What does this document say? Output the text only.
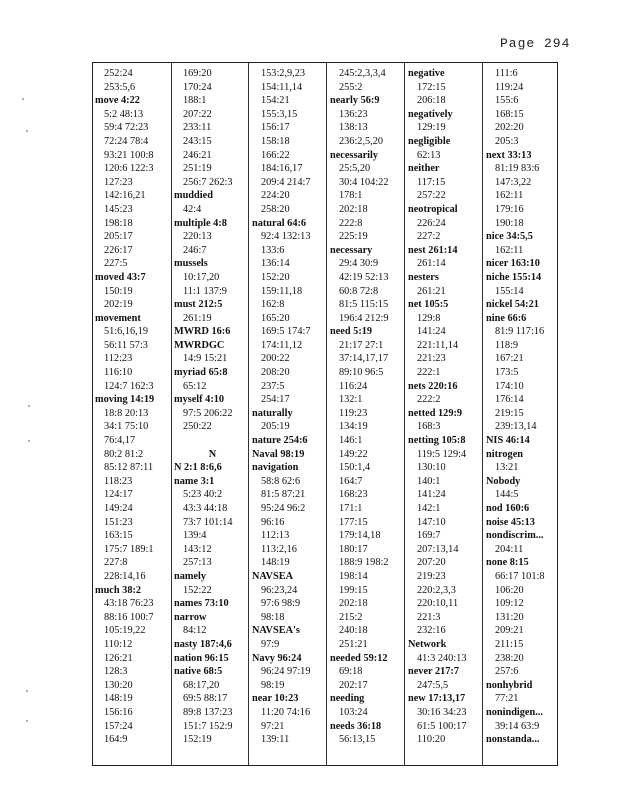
Page 294
252:24
253:5,6
move 4:22
5:2 48:13
59:4 72:23
72:24 78:4
93:21 100:8
120:6 122:3
127:23
142:16,21
145:23
198:18
205:17
226:17
227:5
moved 43:7
150:19
202:19
movement
51:6,16,19
56:11 57:3
112:23
116:10
124:7 162:3
moving 14:19
18:8 20:13
34:1 75:10
76:4,17
80:2 81:2
85:12 87:11
118:23
124:17
149:24
151:23
163:15
175:7 189:1
227:8
228:14,16
much 38:2
43:18 76:23
88:16 100:7
105:19,22
110:12
126:21
128:3
130:20
148:19
156:16
157:24
164:9
169:20
170:24
188:1
207:22
233:11
243:15
246:21
251:19
256:7 262:3
muddied
42:4
multiple 4:8
220:13
246:7
mussels
10:17,20
11:1 137:9
must 212:5
261:19
MWRD 16:6
MWRDGC
14:9 15:21
myriad 65:8
65:12
myself 4:10
97:5 206:22
250:22
N
N 2:1 8:6,6
name 3:1
5:23 40:2
43:3 44:18
73:7 101:14
139:4
143:12
257:13
namely
152:22
names 73:10
narrow
84:12
nasty 187:4,6
nation 96:15
native 68:5
68:17,20
69:5 88:17
89:8 137:23
151:7 152:9
152:19
153:2,9,23
154:11,14
154:21
155:3,15
156:17
158:18
166:22
184:16,17
209:4 214:7
224:20
258:20
natural 64:6
92:4 132:13
133:6
136:14
152:20
159:11,18
162:8
165:20
169:5 174:7
174:11,12
200:22
208:20
237:5
254:17
naturally
205:19
nature 254:6
Naval 98:19
navigation
58:8 62:6
81:5 87:21
95:24 96:2
96:16
112:13
113:2,16
148:19
NAVSEA
96:23,24
97:6 98:9
98:18
NAVSEA's
97:9
Navy 96:24
96:24 97:19
98:19
near 10:23
11:20 74:16
97:21
139:11
245:2,3,3,4
255:2
nearly 56:9
136:23
138:13
236:2,5,20
necessarily
25:5,20
30:4 104:22
178:1
202:18
222:8
225:19
necessary
29:4 30:9
42:19 52:13
60:8 72:8
81:5 115:15
196:4 212:9
need 5:19
21:17 27:1
37:14,17,17
89:10 96:5
116:24
132:1
119:23
134:19
146:1
149:22
150:1,4
164:7
168:23
171:1
177:15
179:14,18
180:17
188:9 198:2
198:14
199:15
202:18
215:2
240:18
251:21
needed 59:12
69:18
202:17
needing
103:24
needs 36:18
56:13,15
negative
172:15
206:18
negatively
129:19
negligible
62:13
neither
117:15
257:22
neotropical
226:24
227:2
nest 261:14
261:14
nesters
261:21
net 105:5
129:8
141:24
221:11,14
221:23
222:1
nets 220:16
222:2
netted 129:9
168:3
netting 105:8
119:5 129:4
130:10
140:1
141:24
142:1
147:10
169:7
207:13,14
207:20
219:23
220:2,3,3
220:10,11
221:3
232:16
Network
41:3 240:13
never 217:7
247:5,5
new 17:13,17
30:16 34:23
61:5 100:17
110:20
111:6
119:24
155:6
168:15
202:20
205:3
next 33:13
81:19 83:6
147:3,22
162:11
179:16
190:18
nice 34:5,5
162:11
nicer 163:10
niche 155:14
155:14
nickel 54:21
nine 66:6
81:9 117:16
118:9
167:21
173:5
174:10
176:14
219:15
239:13,14
NIS 46:14
nitrogen
13:21
Nobody
144:5
nod 160:6
noise 45:13
nondiscrim...
204:11
none 8:15
66:17 101:8
106:20
109:12
131:20
209:21
211:15
238:20
257:6
nonhybrid
77:21
nonindigen...
39:14 63:9
nonstanda...
